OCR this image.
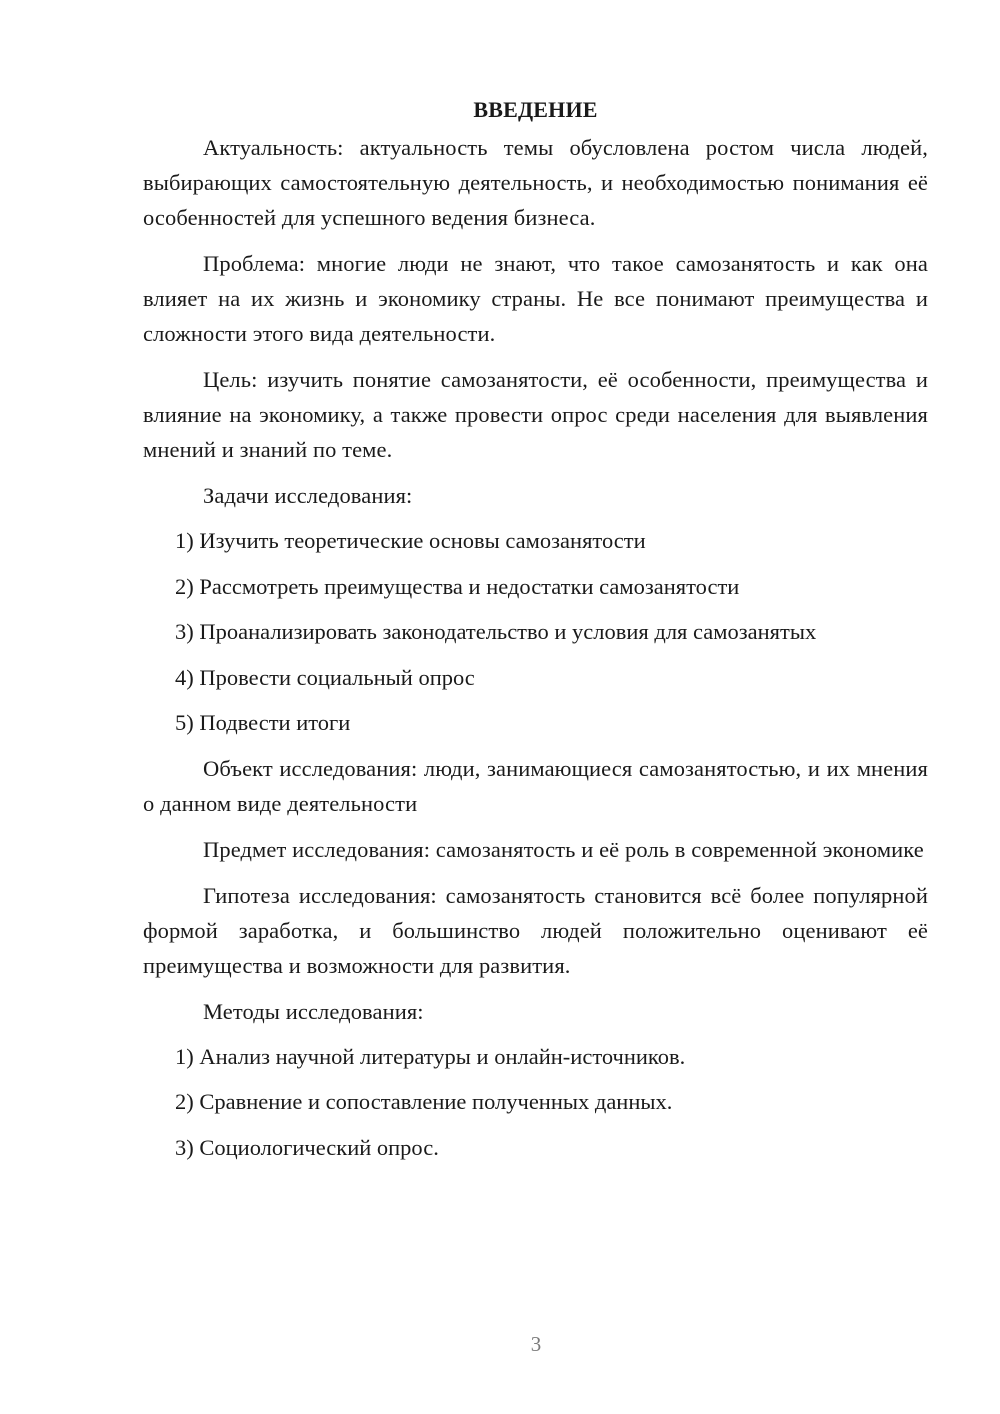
ВВЕДЕНИЕ

Актуальность: актуальность темы обусловлена ростом числа людей, выбирающих самостоятельную деятельность, и необходимостью понимания её особенностей для успешного ведения бизнеса.

Проблема: многие люди не знают, что такое самозанятость и как она влияет на их жизнь и экономику страны. Не все понимают преимущества и сложности этого вида деятельности.

Цель: изучить понятие самозанятости, её особенности, преимущества и влияние на экономику, а также провести опрос среди населения для выявления мнений и знаний по теме.

Задачи исследования:

1) Изучить теоретические основы самозанятости
2) Рассмотреть преимущества и недостатки самозанятости
3) Проанализировать законодательство и условия для самозанятых
4) Провести социальный опрос
5) Подвести итоги

Объект исследования: люди, занимающиеся самозанятостью, и их мнения о данном виде деятельности

Предмет исследования: самозанятость и её роль в современной экономике

Гипотеза исследования: самозанятость становится всё более популярной формой заработка, и большинство людей положительно оценивают её преимущества и возможности для развития.

Методы исследования:

1) Анализ научной литературы и онлайн-источников.
2) Сравнение и сопоставление полученных данных.
3) Социологический опрос.
3
